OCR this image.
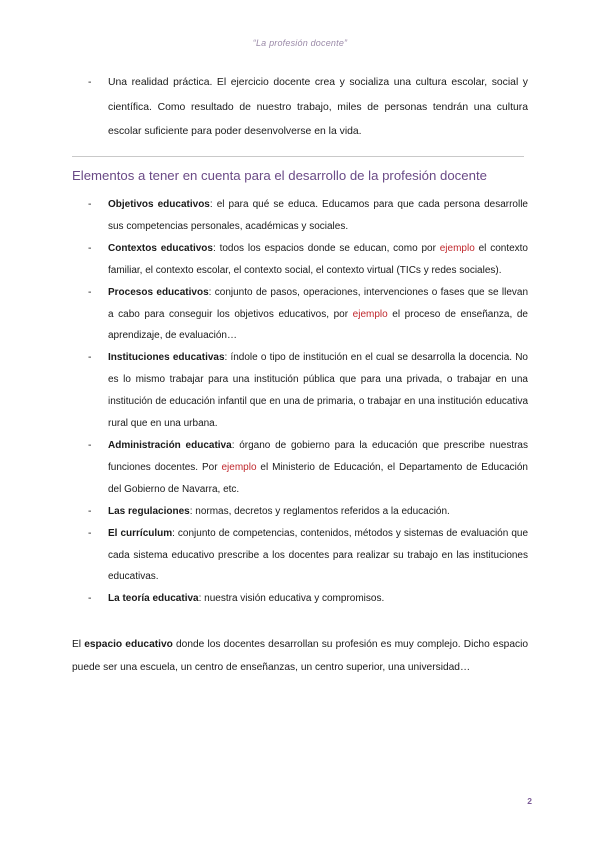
“La profesión docente”
- Una realidad práctica. El ejercicio docente crea y socializa una cultura escolar, social y científica. Como resultado de nuestro trabajo, miles de personas tendrán una cultura escolar suficiente para poder desenvolverse en la vida.
Elementos a tener en cuenta para el desarrollo de la profesión docente
- Objetivos educativos: el para qué se educa. Educamos para que cada persona desarrolle sus competencias personales, académicas y sociales.
- Contextos educativos: todos los espacios donde se educan, como por ejemplo el contexto familiar, el contexto escolar, el contexto social, el contexto virtual (TICs y redes sociales).
- Procesos educativos: conjunto de pasos, operaciones, intervenciones o fases que se llevan a cabo para conseguir los objetivos educativos, por ejemplo el proceso de enseñanza, de aprendizaje, de evaluación…
- Instituciones educativas: índole o tipo de institución en el cual se desarrolla la docencia. No es lo mismo trabajar para una institución pública que para una privada, o trabajar en una institución de educación infantil que en una de primaria, o trabajar en una institución educativa rural que en una urbana.
- Administración educativa: órgano de gobierno para la educación que prescribe nuestras funciones docentes. Por ejemplo el Ministerio de Educación, el Departamento de Educación del Gobierno de Navarra, etc.
- Las regulaciones: normas, decretos y reglamentos referidos a la educación.
- El currículum: conjunto de competencias, contenidos, métodos y sistemas de evaluación que cada sistema educativo prescribe a los docentes para realizar su trabajo en las instituciones educativas.
- La teoría educativa: nuestra visión educativa y compromisos.

El espacio educativo donde los docentes desarrollan su profesión es muy complejo. Dicho espacio puede ser una escuela, un centro de enseñanzas, un centro superior, una universidad…

2
